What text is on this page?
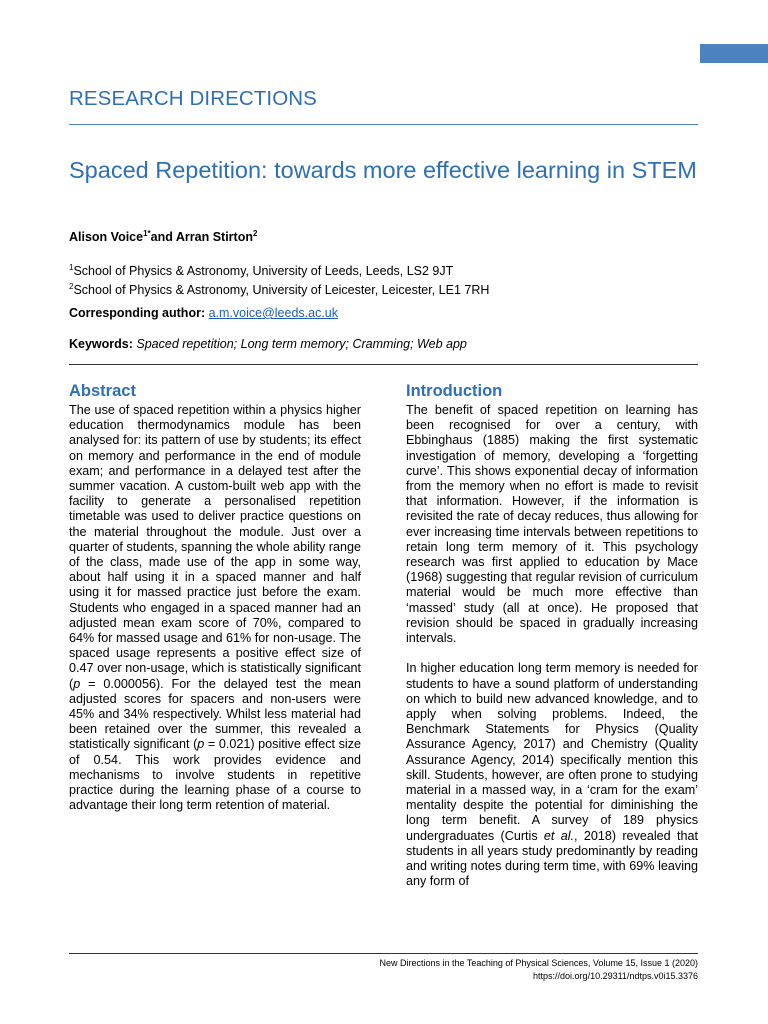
RESEARCH DIRECTIONS
Spaced Repetition: towards more effective learning in STEM
Alison Voice$^{1*}$and Arran Stirton$^2$
$^1$School of Physics & Astronomy, University of Leeds, Leeds, LS2 9JT
$^2$School of Physics & Astronomy, University of Leicester, Leicester, LE1 7RH
Corresponding author: a.m.voice@leeds.ac.uk
Keywords: Spaced repetition; Long term memory; Cramming; Web app
Abstract

The use of spaced repetition within a physics higher education thermodynamics module has been analysed for: its pattern of use by students; its effect on memory and performance in the end of module exam; and performance in a delayed test after the summer vacation. A custom-built web app with the facility to generate a personalised repetition timetable was used to deliver practice questions on the material throughout the module. Just over a quarter of students, spanning the whole ability range of the class, made use of the app in some way, about half using it in a spaced manner and half using it for massed practice just before the exam. Students who engaged in a spaced manner had an adjusted mean exam score of 70%, compared to 64% for massed usage and 61% for non-usage. The spaced usage represents a positive effect size of 0.47 over non-usage, which is statistically significant (p = 0.000056). For the delayed test the mean adjusted scores for spacers and non-users were 45% and 34% respectively. Whilst less material had been retained over the summer, this revealed a statistically significant (p = 0.021) positive effect size of 0.54. This work provides evidence and mechanisms to involve students in repetitive practice during the learning phase of a course to advantage their long term retention of material.

Introduction

The benefit of spaced repetition on learning has been recognised for over a century, with Ebbinghaus (1885) making the first systematic investigation of memory, developing a ‘forgetting curve’. This shows exponential decay of information from the memory when no effort is made to revisit that information. However, if the information is revisited the rate of decay reduces, thus allowing for ever increasing time intervals between repetitions to retain long term memory of it. This psychology research was first applied to education by Mace (1968) suggesting that regular revision of curriculum material would be much more effective than ‘massed’ study (all at once). He proposed that revision should be spaced in gradually increasing intervals.

In higher education long term memory is needed for students to have a sound platform of understanding on which to build new advanced knowledge, and to apply when solving problems. Indeed, the Benchmark Statements for Physics (Quality Assurance Agency, 2017) and Chemistry (Quality Assurance Agency, 2014) specifically mention this skill. Students, however, are often prone to studying material in a massed way, in a ‘cram for the exam’ mentality despite the potential for diminishing the long term benefit. A survey of 189 physics undergraduates (Curtis et al., 2018) revealed that students in all years study predominantly by reading and writing notes during term time, with 69% leaving any form of

New Directions in the Teaching of Physical Sciences, Volume 15, Issue 1 (2020)
https://doi.org/10.29311/ndtps.v0i15.3376
